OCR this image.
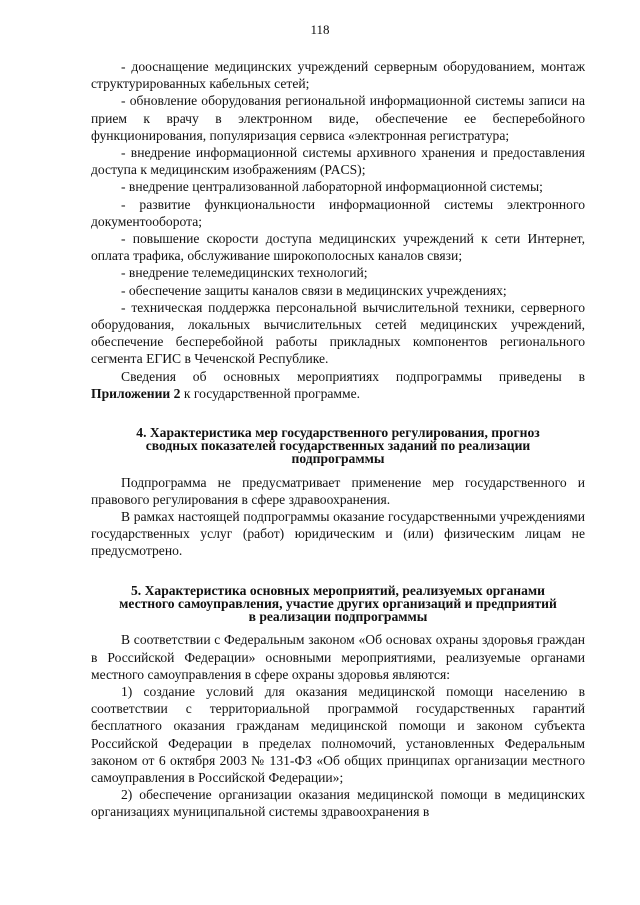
118

- дооснащение медицинских учреждений серверным оборудованием, монтаж структурированных кабельных сетей;

- обновление оборудования региональной информационной системы записи на прием к врачу в электронном виде, обеспечение ее бесперебойного функционирования, популяризация сервиса «электронная регистратура;

- внедрение информационной системы архивного хранения и предоставления доступа к медицинским изображениям (PACS);

- внедрение централизованной лабораторной информационной системы;

- развитие функциональности информационной системы электронного документооборота;

- повышение скорости доступа медицинских учреждений к сети Интернет, оплата трафика, обслуживание широкополосных каналов связи;

- внедрение телемедицинских технологий;

- обеспечение защиты каналов связи в медицинских учреждениях;

- техническая поддержка персональной вычислительной техники, серверного оборудования, локальных вычислительных сетей медицинских учреждений, обеспечение бесперебойной работы прикладных компонентов регионального сегмента ЕГИС в Чеченской Республике.

Сведения об основных мероприятиях подпрограммы приведены в Приложении 2 к государственной программе.

4. Характеристика мер государственного регулирования, прогноз
сводных показателей государственных заданий по реализации
подпрограммы

Подпрограмма не предусматривает применение мер государственного и правового регулирования в сфере здравоохранения.

В рамках настоящей подпрограммы оказание государственными учреждениями государственных услуг (работ) юридическим и (или) физическим лицам не предусмотрено.

5. Характеристика основных мероприятий, реализуемых органами
местного самоуправления, участие других организаций и предприятий
в реализации подпрограммы

В соответствии с Федеральным законом «Об основах охраны здоровья граждан в Российской Федерации» основными мероприятиями, реализуемые органами местного самоуправления в сфере охраны здоровья являются:

1) создание условий для оказания медицинской помощи населению в соответствии с территориальной программой государственных гарантий бесплатного оказания гражданам медицинской помощи и законом субъекта Российской Федерации в пределах полномочий, установленных Федеральным законом от 6 октября 2003 № 131-ФЗ «Об общих принципах организации местного самоуправления в Российской Федерации»;

2) обеспечение организации оказания медицинской помощи в медицинских организациях муниципальной системы здравоохранения в
